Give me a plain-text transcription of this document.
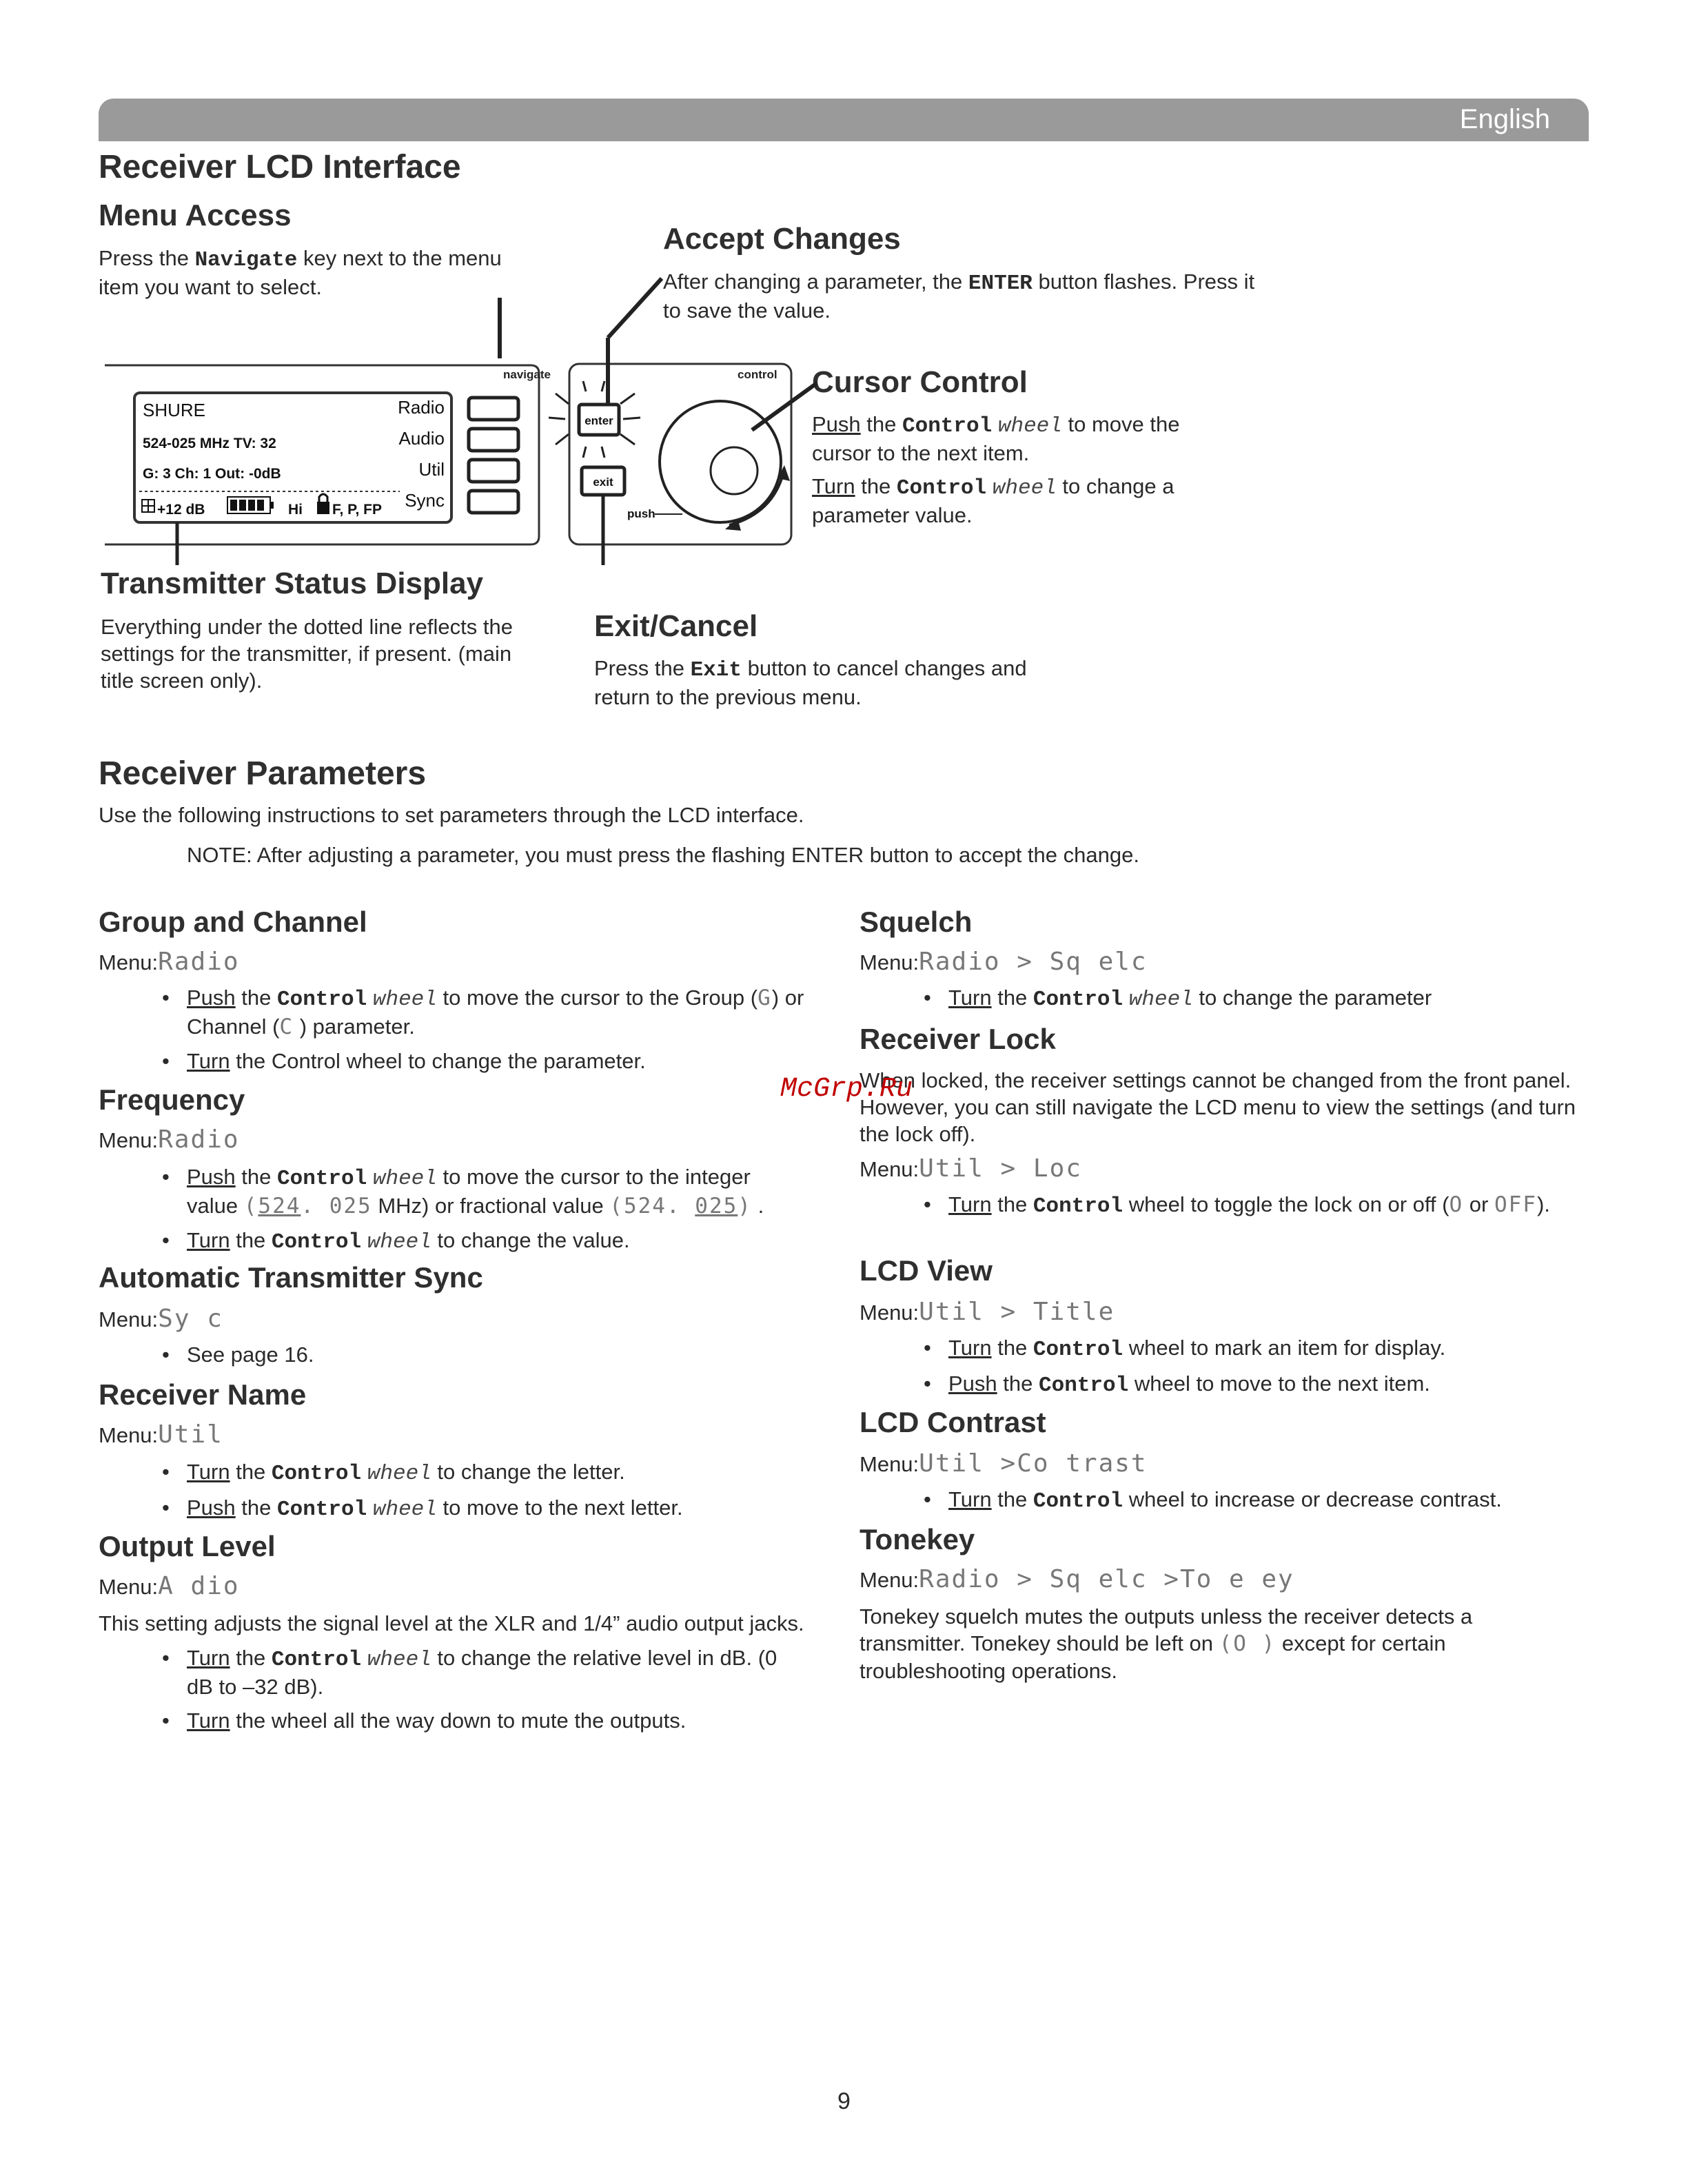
English
Receiver LCD Interface
Menu Access
Press the Navigate key next to the menu item you want to select.
Accept Changes
After changing a parameter, the ENTER button flashes. Press it to save the value.
Cursor Control
Push the Control wheel to move the cursor to the next item.
Turn the Control wheel to change a parameter value.
navigate
SHURE
524-025 MHz TV: 32
G: 3 Ch: 1 Out: -0dB
Radio
Audio
Util
Sync
+12 dB	Hi F, P, FP
control
enter
exit
push
Transmitter Status Display
Everything under the dotted line reflects the settings for the transmitter, if present. (main title screen only).
Exit/Cancel
Press the Exit button to cancel changes and return to the previous menu.
Receiver Parameters
Use the following instructions to set parameters through the LCD interface.
NOTE: After adjusting a parameter, you must press the flashing ENTER button to accept the change.
Group and Channel
Menu:Radio
• Push the Control wheel to move the cursor to the Group (G) or Channel (C ) parameter.
• Turn the Control wheel to change the parameter.
Frequency
Menu:Radio
• Push the Control wheel to move the cursor to the integer value (524. 025 MHz) or fractional value (524. 025) .
• Turn the Control wheel to change the value.
Automatic Transmitter Sync
Menu:Sy c
• See page 16.
Receiver Name
Menu:Util
• Turn the Control wheel to change the letter.
• Push the Control wheel to move to the next letter.
Output Level
Menu:A dio
This setting adjusts the signal level at the XLR and 1/4” audio output jacks.
• Turn the Control wheel to change the relative level in dB. (0 dB to –32 dB).
• Turn the wheel all the way down to mute the outputs.
Squelch
Menu:Radio > Sq elc
• Turn the Control wheel to change the parameter
Receiver Lock
When locked, the receiver settings cannot be changed from the front panel. However, you can still navigate the LCD menu to view the settings (and turn the lock off).
Menu:Util > Loc
• Turn the Control wheel to toggle the lock on or off (O or OFF).
LCD View
Menu:Util > Title
• Turn the Control wheel to mark an item for display.
• Push the Control wheel to move to the next item.
LCD Contrast
Menu:Util >Co trast
• Turn the Control wheel to increase or decrease contrast.
Tonekey
Menu:Radio > Sq elc >To e ey
Tonekey squelch mutes the outputs unless the receiver detects a transmitter. Tonekey should be left on (O ) except for certain troubleshooting operations.
McGrp.Ru
9
